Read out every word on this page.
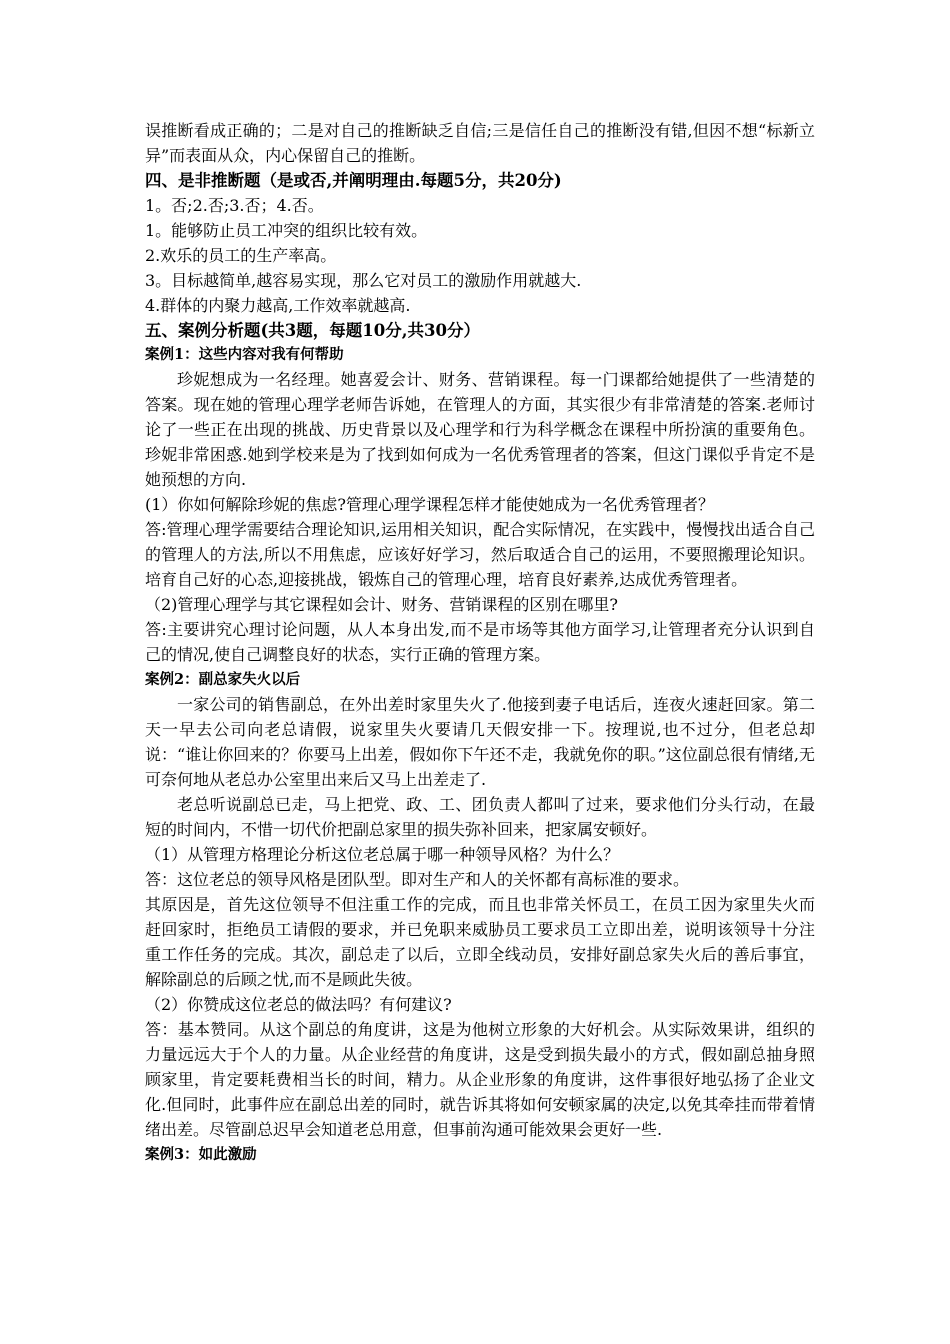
误推断看成正确的；二是对自己的推断缺乏自信;三是信任自己的推断没有错,但因不想“标新立异”而表面从众，内心保留自己的推断。

四、是非推断题（是或否,并阐明理由.每题5分，共20分)

1。否;2.否;3.否；4.否。

1。能够防止员工冲突的组织比较有效。

2.欢乐的员工的生产率高。

3。目标越简单,越容易实现，那么它对员工的激励作用就越大.

4.群体的内聚力越高,工作效率就越高.

五、案例分析题(共3题，每题10分,共30分）

案例1：这些内容对我有何帮助

珍妮想成为一名经理。她喜爱会计、财务、营销课程。每一门课都给她提供了一些清楚的答案。现在她的管理心理学老师告诉她，在管理人的方面，其实很少有非常清楚的答案.老师讨论了一些正在出现的挑战、历史背景以及心理学和行为科学概念在课程中所扮演的重要角色。珍妮非常困惑.她到学校来是为了找到如何成为一名优秀管理者的答案，但这门课似乎肯定不是她预想的方向.

(1）你如何解除珍妮的焦虑?管理心理学课程怎样才能使她成为一名优秀管理者？

答:管理心理学需要结合理论知识,运用相关知识，配合实际情况，在实践中，慢慢找出适合自己的管理人的方法,所以不用焦虑，应该好好学习，然后取适合自己的运用，不要照搬理论知识。培育自己好的心态,迎接挑战，锻炼自己的管理心理，培育良好素养,达成优秀管理者。

（2)管理心理学与其它课程如会计、财务、营销课程的区别在哪里?

答:主要讲究心理讨论问题，从人本身出发,而不是市场等其他方面学习,让管理者充分认识到自己的情况,使自己调整良好的状态，实行正确的管理方案。

案例2：副总家失火以后

一家公司的销售副总，在外出差时家里失火了.他接到妻子电话后，连夜火速赶回家。第二天一早去公司向老总请假，说家里失火要请几天假安排一下。按理说,也不过分，但老总却说：“谁让你回来的？你要马上出差，假如你下午还不走，我就免你的职。”这位副总很有情绪,无可奈何地从老总办公室里出来后又马上出差走了.

老总听说副总已走，马上把党、政、工、团负责人都叫了过来，要求他们分头行动，在最短的时间内，不惜一切代价把副总家里的损失弥补回来，把家属安顿好。

（1）从管理方格理论分析这位老总属于哪一种领导风格？为什么？

答：这位老总的领导风格是团队型。即对生产和人的关怀都有高标准的要求。

其原因是，首先这位领导不但注重工作的完成，而且也非常关怀员工，在员工因为家里失火而赶回家时，拒绝员工请假的要求，并已免职来威胁员工要求员工立即出差，说明该领导十分注重工作任务的完成。其次，副总走了以后，立即全线动员，安排好副总家失火后的善后事宜，解除副总的后顾之忧,而不是顾此失彼。

（2）你赞成这位老总的做法吗？有何建议?

答：基本赞同。从这个副总的角度讲，这是为他树立形象的大好机会。从实际效果讲，组织的力量远远大于个人的力量。从企业经营的角度讲，这是受到损失最小的方式，假如副总抽身照顾家里，肯定要耗费相当长的时间，精力。从企业形象的角度讲，这件事很好地弘扬了企业文化.但同时，此事件应在副总出差的同时，就告诉其将如何安顿家属的决定,以免其牵挂而带着情绪出差。尽管副总迟早会知道老总用意，但事前沟通可能效果会更好一些.

案例3：如此激励
